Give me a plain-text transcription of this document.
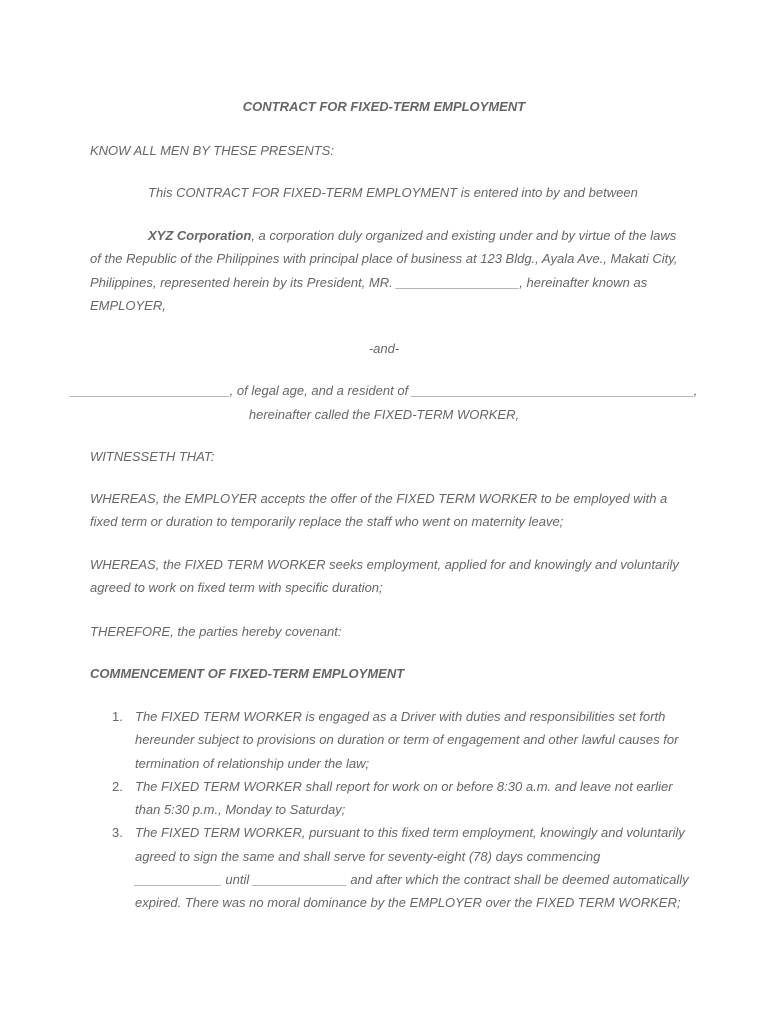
CONTRACT FOR FIXED-TERM EMPLOYMENT
KNOW ALL MEN BY THESE PRESENTS:
This CONTRACT FOR FIXED-TERM EMPLOYMENT is entered into by and between
XYZ Corporation, a corporation duly organized and existing under and by virtue of the laws of the Republic of the Philippines with principal place of business at 123 Bldg., Ayala Ave., Makati City, Philippines, represented herein by its President, MR. _________________, hereinafter known as EMPLOYER,
-and-
______________________, of legal age, and a resident of _______________________________________,
hereinafter called the FIXED-TERM WORKER,
WITNESSETH THAT:
WHEREAS, the EMPLOYER accepts the offer of the FIXED TERM WORKER to be employed with a fixed term or duration to temporarily replace the staff who went on maternity leave;
WHEREAS, the FIXED TERM WORKER seeks employment, applied for and knowingly and voluntarily agreed to work on fixed term with specific duration;
THEREFORE, the parties hereby covenant:
COMMENCEMENT OF FIXED-TERM EMPLOYMENT
1. The FIXED TERM WORKER is engaged as a Driver with duties and responsibilities set forth hereunder subject to provisions on duration or term of engagement and other lawful causes for termination of relationship under the law;
2. The FIXED TERM WORKER shall report for work on or before 8:30 a.m. and leave not earlier than 5:30 p.m., Monday to Saturday;
3. The FIXED TERM WORKER, pursuant to this fixed term employment, knowingly and voluntarily agreed to sign the same and shall serve for seventy-eight (78) days commencing ____________ until _____________ and after which the contract shall be deemed automatically expired. There was no moral dominance by the EMPLOYER over the FIXED TERM WORKER;
